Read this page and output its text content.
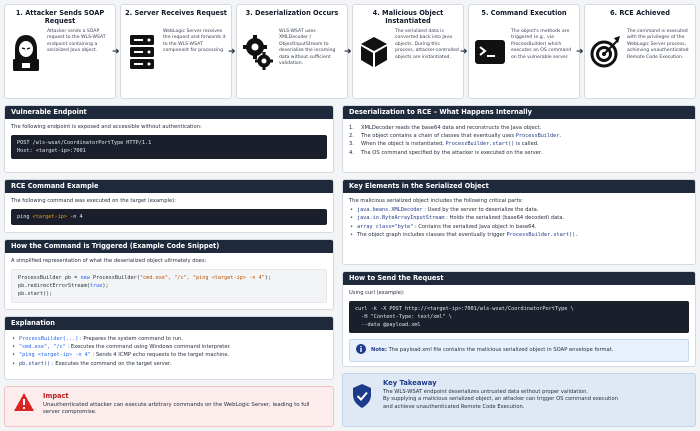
1. Attacker Sends SOAP Request
Attacker sends a SOAP request to the WLS-WSAT endpoint containing a serialized Java object.	➜
2. Server Receives Request
WebLogic Server receives the request and forwards it to the WLS-WSAT component for processing. ➜
3. Deserialization Occurs
WLS-WSAT uses XMLDecoder / ObjectInputStream to deserialize the incoming data without sufficient validation.
➜
4. Malicious Object Instantiated
The serialized data is converted back into Java objects. During this process, attacker-controlled objects are instantiated.
➜
5. Command Execution
The object's methods are triggered (e.g., via ProcessBuilder) which executes an OS command on the vulnerable server.
➜
6. RCE Achieved
The command is executed with the privileges of the WebLogic Server process, achieving unauthenticated Remote Code Execution.
Vulnerable Endpoint
The following endpoint is exposed and accessible without authentication:
POST /wls-wsat/CoordinatorPortType HTTP/1.1
Host: <target-ip>:7001
RCE Command Example
The following command was executed on the target (example):
ping <target-ip> -n 4
How the Command is Triggered (Example Code Snippet)
A simplified representation of what the deserialized object ultimately does:
ProcessBuilder pb = new ProcessBuilder("cmd.exe", "/c", "ping <target-ip> -n 4");
pb.redirectErrorStream(true);
pb.start();
Explanation
• ProcessBuilder(...) : Prepares the system command to run.
• "cmd.exe", "/c" : Executes the command using Windows command interpreter.
• "ping <target-ip> -n 4" : Sends 4 ICMP echo requests to the target machine.
• pb.start() : Executes the command on the target server.
Impact
Unauthenticated attacker can execute arbitrary commands on the WebLogic Server, leading to full server compromise.
Deserialization to RCE – What Happens Internally
1.	XMLDecoder reads the base64 data and reconstructs the Java object.
2.	The object contains a chain of classes that eventually uses ProcessBuilder.
3.	When the object is instantiated, ProcessBuilder.start() is called.
4.	The OS command specified by the attacker is executed on the server.
Key Elements in the Serialized Object
The malicious serialized object includes the following critical parts:
• java.beans.XMLDecoder : Used by the server to deserialize the data.
• java.io.ByteArrayInputStream : Holds the serialized (base64 decoded) data.
• array class="byte" : Contains the serialized Java object in base64.
• The object graph includes classes that eventually trigger ProcessBuilder.start().
How to Send the Request
Using curl (example):
curl -k -X POST http://<target-ip>:7001/wls-wsat/CoordinatorPortType \
-H "Content-Type: text/xml" \
--data @payload.xml
Note: The payload.xml file contains the malicious serialized object in SOAP envelope format.
Key Takeaway
The WLS-WSAT endpoint deserializes untrusted data without proper validation.
By supplying a malicious serialized object, an attacker can trigger OS command execution
and achieve unauthenticated Remote Code Execution.
